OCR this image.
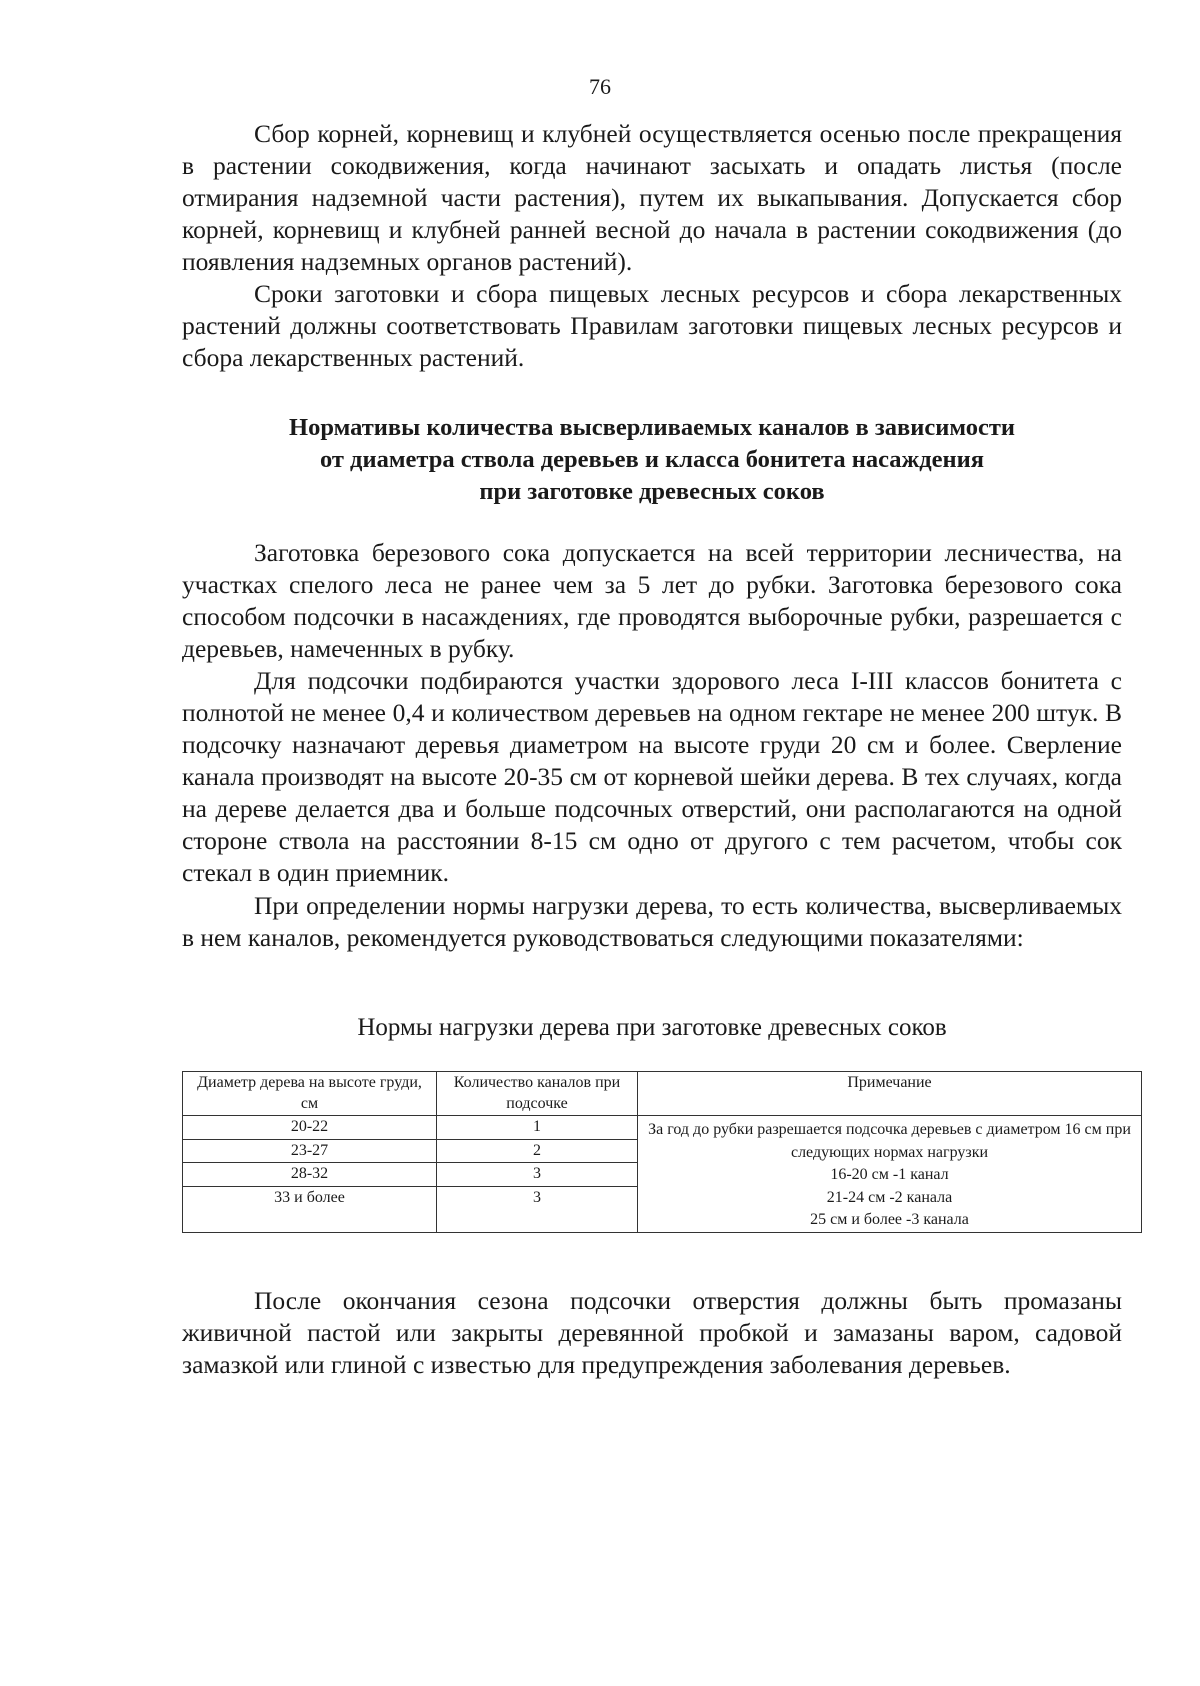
76

Сбор корней, корневищ и клубней осуществляется осенью после прекращения в растении сокодвижения, когда начинают засыхать и опадать листья (после отмирания надземной части растения), путем их выкапывания. Допускается сбор корней, корневищ и клубней ранней весной до начала в растении сокодвижения (до появления надземных органов растений).

Сроки заготовки и сбора пищевых лесных ресурсов и сбора лекарственных растений должны соответствовать Правилам заготовки пищевых лесных ресурсов и сбора лекарственных растений.

Нормативы количества высверливаемых каналов в зависимости
от диаметра ствола деревьев и класса бонитета насаждения
при заготовке древесных соков

Заготовка березового сока допускается на всей территории лесничества, на участках спелого леса не ранее чем за 5 лет до рубки. Заготовка березового сока способом подсочки в насаждениях, где проводятся выборочные рубки, разрешается с деревьев, намеченных в рубку.

Для подсочки подбираются участки здорового леса I-III классов бонитета с полнотой не менее 0,4 и количеством деревьев на одном гектаре не менее 200 штук. В подсочку назначают деревья диаметром на высоте груди 20 см и более. Сверление канала производят на высоте 20-35 см от корневой шейки дерева. В тех случаях, когда на дереве делается два и больше подсочных отверстий, они располагаются на одной стороне ствола на расстоянии 8-15 см одно от другого с тем расчетом, чтобы сок стекал в один приемник.

При определении нормы нагрузки дерева, то есть количества, высверливаемых в нем каналов, рекомендуется руководствоваться следующими показателями:

Нормы нагрузки дерева при заготовке древесных соков
Диаметр дерева на высоте груди, см	Количество каналов при подсочке	Примечание
20-22	1	За год до рубки разрешается подсочка деревьев с диаметром 16 см при следующих нормах нагрузки
16-20 см -1 канал
21-24 см -2 канала
25 см и более -3 канала

23-27	2	
28-32	3	
33 и более	3	

После окончания сезона подсочки отверстия должны быть промазаны живичной пастой или закрыты деревянной пробкой и замазаны варом, садовой замазкой или глиной с известью для предупреждения заболевания деревьев.
